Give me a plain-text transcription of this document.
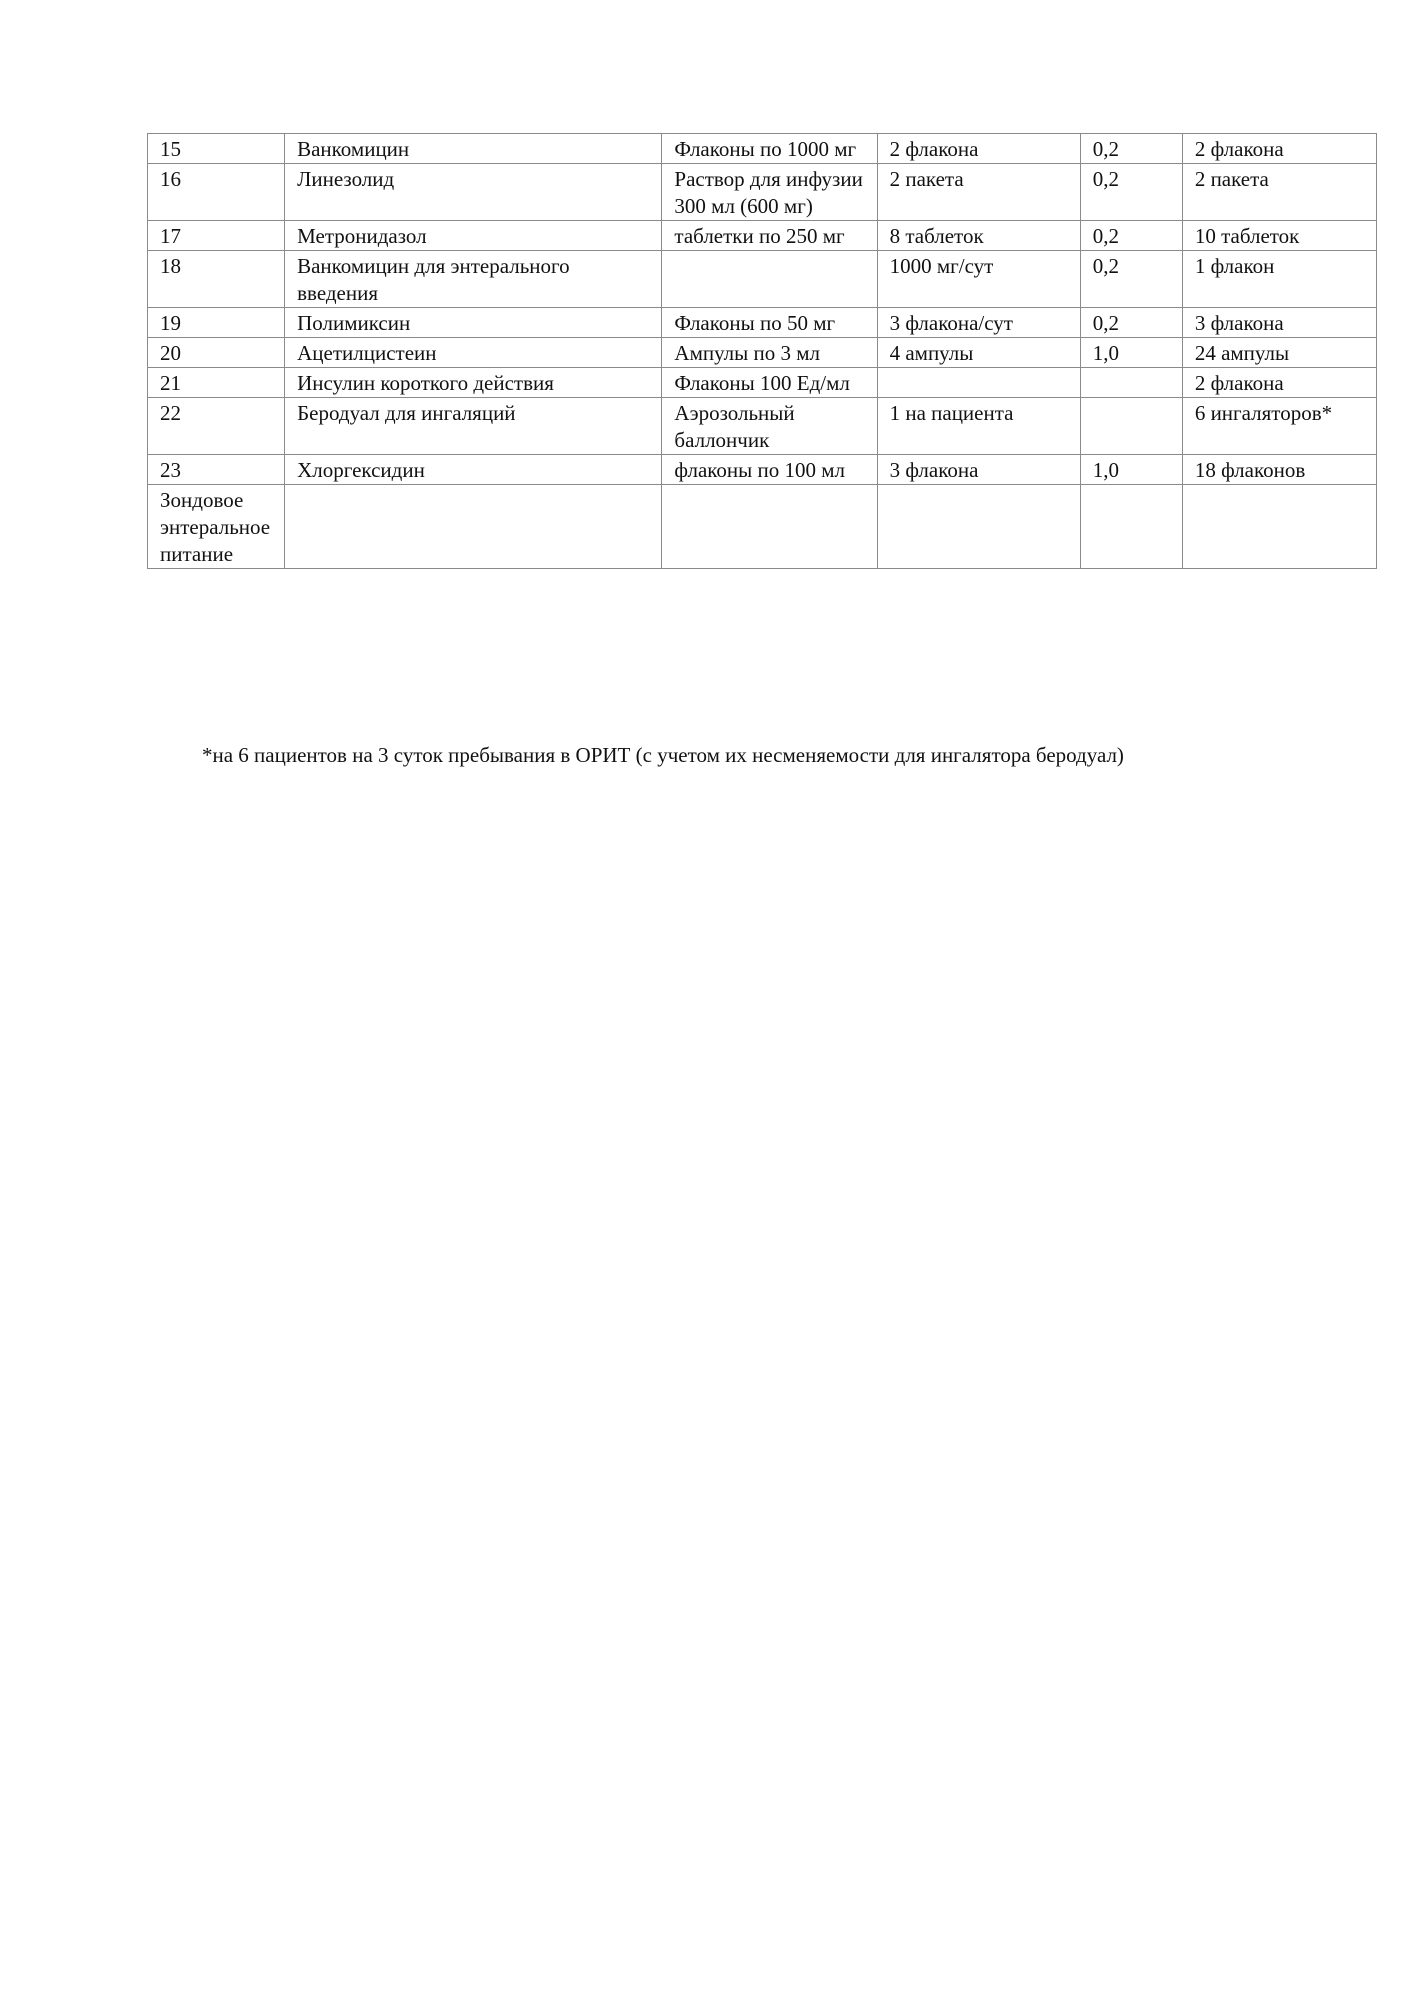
15	Ванкомицин	Флаконы по 1000 мг	2 флакона	0,2	2 флакона
16	Линезолид	Раствор для инфузии 300 мл (600 мг)	2 пакета	0,2	2 пакета
17	Метронидазол	таблетки по 250 мг	8 таблеток	0,2	10 таблеток
18	Ванкомицин для энтерального введения		1000 мг/сут	0,2	1 флакон
19	Полимиксин	Флаконы по 50 мг	3 флакона/сут	0,2	3 флакона
20	Ацетилцистеин	Ампулы по 3 мл	4 ампулы	1,0	24 ампулы
21	Инсулин короткого действия	Флаконы 100 Ед/мл			2 флакона
22	Беродуал для ингаляций	Аэрозольный баллончик	1 на пациента		6 ингаляторов*
23	Хлоргексидин	флаконы по 100 мл	3 флакона	1,0	18 флаконов
Зондовое энтеральное питание					
*на 6 пациентов на 3 суток пребывания в ОРИТ (с учетом их несменяемости для ингалятора беродуал)
